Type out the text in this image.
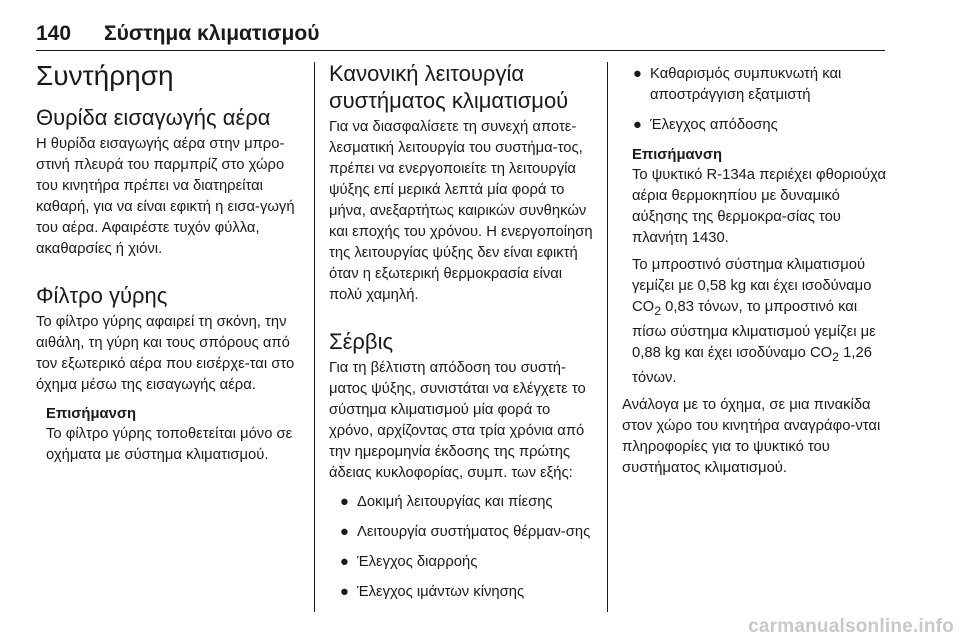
140	Σύστημα κλιματισμού
Συντήρηση
Θυρίδα εισαγωγής αέρα

Η θυρίδα εισαγωγής αέρα στην μπρο-στινή πλευρά του παρμπρίζ στο χώρο του κινητήρα πρέπει να διατηρείται καθαρή, για να είναι εφικτή η εισα-γωγή του αέρα. Αφαιρέστε τυχόν φύλλα, ακαθαρσίες ή χιόνι.

Φίλτρο γύρης

Το φίλτρο γύρης αφαιρεί τη σκόνη, την αιθάλη, τη γύρη και τους σπόρους από τον εξωτερικό αέρα που εισέρχε-ται στο όχημα μέσω της εισαγωγής αέρα.

Επισήμανση

Το φίλτρο γύρης τοποθετείται μόνο σε οχήματα με σύστημα κλιματισμού.

Κανονική λειτουργία συστήματος κλιματισμού

Για να διασφαλίσετε τη συνεχή αποτε-λεσματική λειτουργία του συστήμα-τος, πρέπει να ενεργοποιείτε τη λειτουργία ψύξης επί μερικά λεπτά μία φορά το μήνα, ανεξαρτήτως καιρικών συνθηκών και εποχής του χρόνου. Η ενεργοποίηση της λειτουργίας ψύξης δεν είναι εφικτή όταν η εξωτερική θερμοκρασία είναι πολύ χαμηλή.

Σέρβις

Για τη βέλτιστη απόδοση του συστή-ματος ψύξης, συνιστάται να ελέγχετε το σύστημα κλιματισμού μία φορά το χρόνο, αρχίζοντας στα τρία χρόνια από την ημερομηνία έκδοσης της πρώτης άδειας κυκλοφορίας, συμπ. των εξής:

● Δοκιμή λειτουργίας και πίεσης
● Λειτουργία συστήματος θέρμαν-σης
● Έλεγχος διαρροής
● Έλεγχος ιμάντων κίνησης
● Καθαρισμός συμπυκνωτή και αποστράγγιση εξατμιστή
● Έλεγχος απόδοσης
Επισήμανση

Το ψυκτικό R-134a περιέχει φθοριούχα αέρια θερμοκηπίου με δυναμικό αύξησης της θερμοκρα-σίας του πλανήτη 1430.

Το μπροστινό σύστημα κλιματισμού γεμίζει με 0,58 kg και έχει ισοδύναμο $CO_2$ 0,83 τόνων, το μπροστινό και πίσω σύστημα κλιματισμού γεμίζει με 0,88 kg και έχει ισοδύναμο $CO_2$ 1,26 τόνων.

Ανάλογα με το όχημα, σε μια πινακίδα στον χώρο του κινητήρα αναγράφο-νται πληροφορίες για το ψυκτικό του συστήματος κλιματισμού.

carmanualsonline.info
